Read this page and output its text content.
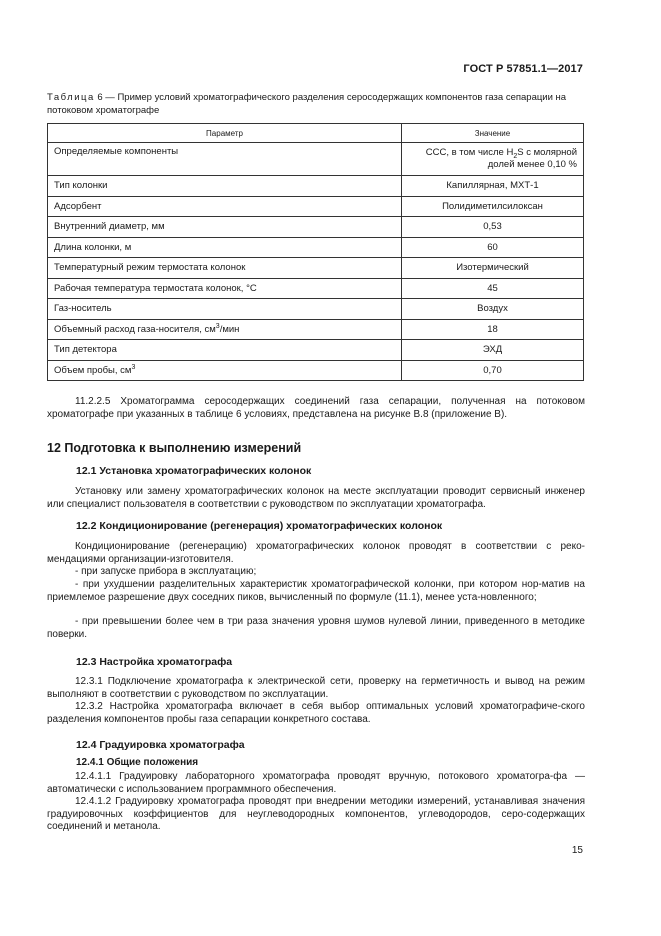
ГОСТ Р 57851.1—2017
Таблица 6 — Пример условий хроматографического разделения серосодержащих компонентов газа сепарации на потоковом хроматографе
Параметр	Значение
Определяемые компоненты	ССС, в том числе $H_2S$ с молярной
долей менее 0,10 %

Тип колонки	Капиллярная, МХТ-1
Адсорбент	Полидиметилсилоксан
Внутренний диаметр, мм	0,53
Длина колонки, м	60
Температурный режим термостата колонок	Изотермический
Рабочая температура термостата колонок, °С	45
Газ-носитель	Воздух
Объемный расход газа-носителя, $см^3$/мин	18
Тип детектора	ЭХД
Объем пробы, $см^3$	0,70
11.2.2.5 Хроматограмма серосодержащих соединений газа сепарации, полученная на потоковом хроматографе при указанных в таблице 6 условиях, представлена на рисунке В.8 (приложение В).
12 Подготовка к выполнению измерений
12.1 Установка хроматографических колонок
Установку или замену хроматографических колонок на месте эксплуатации проводит сервисный инженер или специалист пользователя в соответствии с руководством по эксплуатации хроматографа.
12.2 Кондиционирование (регенерация) хроматографических колонок
Кондиционирование (регенерацию) хроматографических колонок проводят в соответствии с реко-мендациями организации-изготовителя.
- при запуске прибора в эксплуатацию;
- при ухудшении разделительных характеристик хроматографической колонки, при котором нор-матив на приемлемое разрешение двух соседних пиков, вычисленный по формуле (11.1), менее уста-новленного;
- при превышении более чем в три раза значения уровня шумов нулевой линии, приведенного в методике поверки.
12.3 Настройка хроматографа
12.3.1 Подключение хроматографа к электрической сети, проверку на герметичность и вывод на режим выполняют в соответствии с руководством по эксплуатации.
12.3.2 Настройка хроматографа включает в себя выбор оптимальных условий хроматографиче-ского разделения компонентов пробы газа сепарации конкретного состава.
12.4 Градуировка хроматографа
12.4.1 Общие положения
12.4.1.1 Градуировку лабораторного хроматографа проводят вручную, потокового хроматогра-фа — автоматически с использованием программного обеспечения.
12.4.1.2 Градуировку хроматографа проводят при внедрении методики измерений, устанавливая значения градуировочных коэффициентов для неуглеводородных компонентов, углеводородов, серо-содержащих соединений и метанола.
15
